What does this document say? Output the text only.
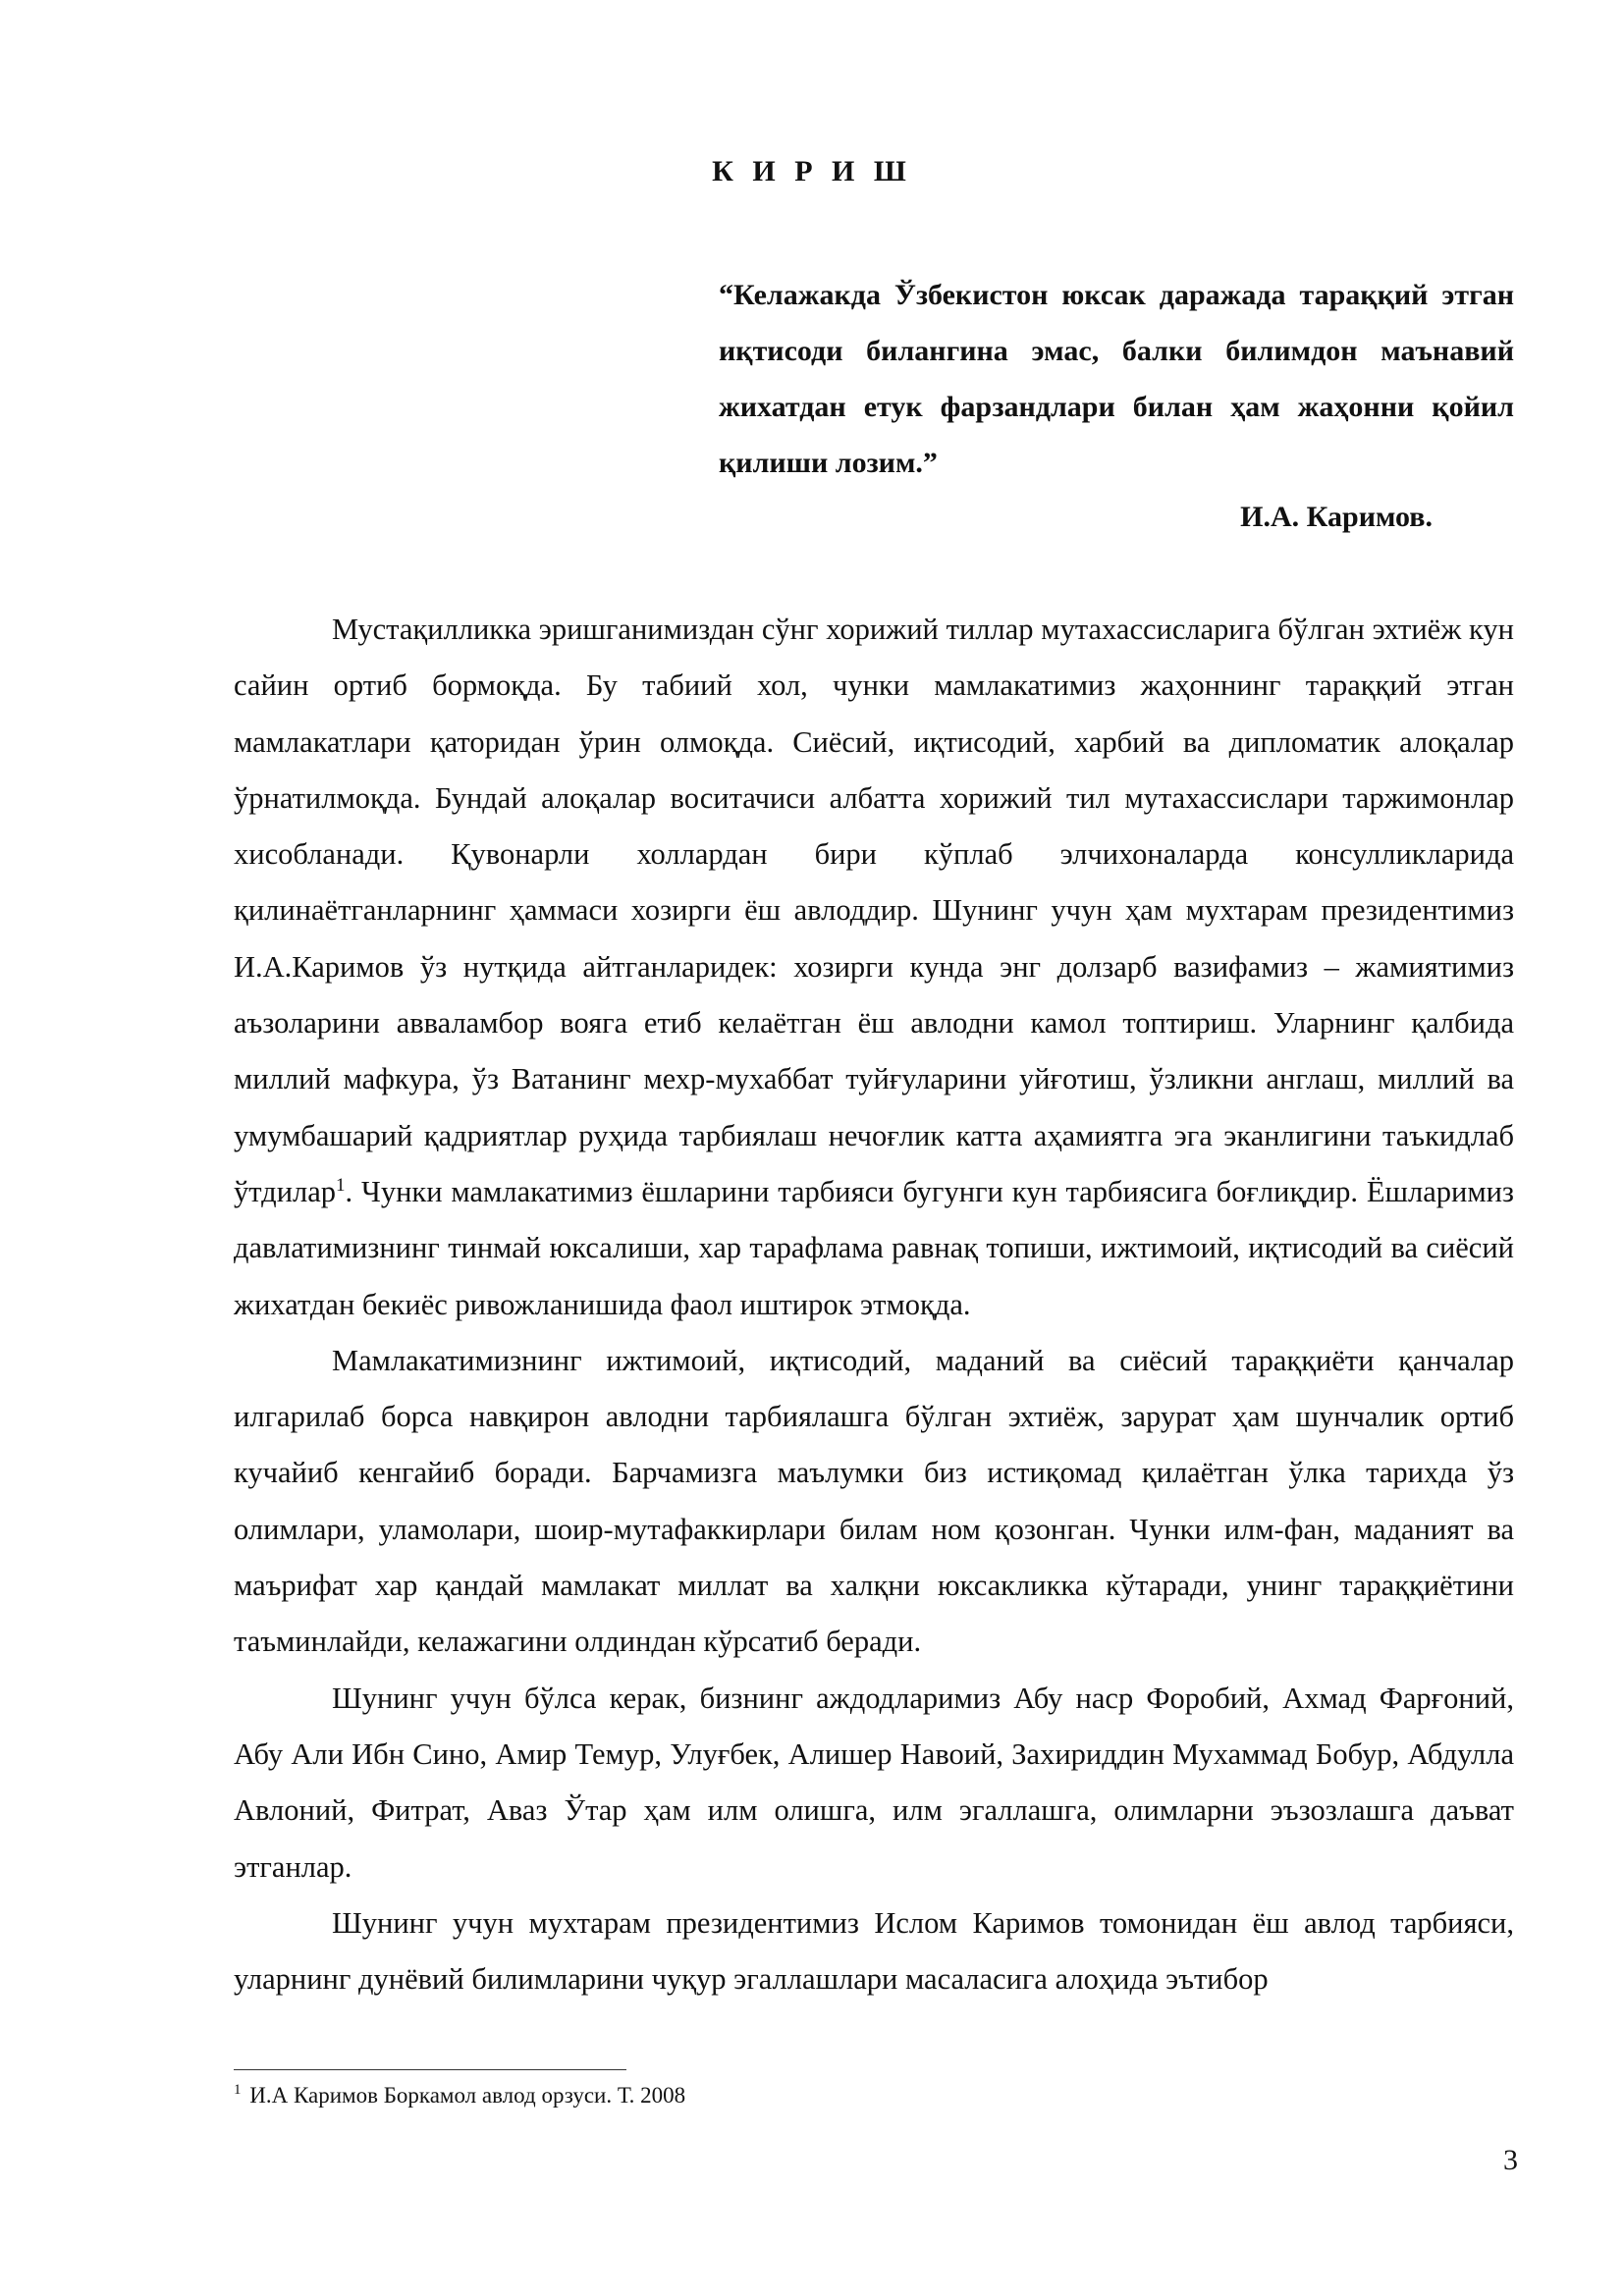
К И Р И Ш
“Келажакда Ўзбекистон юксак даражада тараққий этган иқтисоди билангина эмас, балки билимдон маънавий жихатдан етук фарзандлари билан ҳам жаҳонни қойил қилиши лозим.”
И.А. Каримов.

Мустақилликка эришганимиздан сўнг хорижий тиллар мутахассисларига бўлган эхтиёж кун сайин ортиб бормоқда. Бу табиий хол, чунки мамлакатимиз жаҳоннинг тараққий этган мамлакатлари қаторидан ўрин олмоқда. Сиёсий, иқтисодий, харбий ва дипломатик алоқалар ўрнатилмоқда. Бундай алоқалар воситачиси албатта хорижий тил мутахассислари таржимонлар хисобланади. Қувонарли холлардан бири кўплаб элчихоналарда консулликларида қилинаётганларнинг ҳаммаси хозирги ёш авлоддир. Шунинг учун ҳам мухтарам президентимиз И.А.Каримов ўз нутқида айтганларидек: хозирги кунда энг долзарб вазифамиз – жамиятимиз аъзоларини авваламбор вояга етиб келаётган ёш авлодни камол топтириш. Уларнинг қалбида миллий мафкура, ўз Ватанинг мехр-мухаббат туйғуларини уйғотиш, ўзликни англаш, миллий ва умумбашарий қадриятлар руҳида тарбиялаш нечоғлик катта аҳамиятга эга эканлигини таъкидлаб ўтдилар$^1$. Чунки мамлакатимиз ёшларини тарбияси бугунги кун тарбиясига боғлиқдир. Ёшларимиз давлатимизнинг тинмай юксалиши, хар тарафлама равнақ топиши, ижтимоий, иқтисодий ва сиёсий жихатдан бекиёс ривожланишида фаол иштирок этмоқда.

Мамлакатимизнинг ижтимоий, иқтисодий, маданий ва сиёсий тараққиёти қанчалар илгарилаб борса навқирон авлодни тарбиялашга бўлган эхтиёж, зарурат ҳам шунчалик ортиб кучайиб кенгайиб боради. Барчамизга маълумки биз истиқомад қилаётган ўлка тарихда ўз олимлари, уламолари, шоир-мутафаккирлари билам ном қозонган. Чунки илм-фан, маданият ва маърифат хар қандай мамлакат миллат ва халқни юксакликка кўтаради, унинг тараққиётини таъминлайди, келажагини олдиндан кўрсатиб беради.

Шунинг учун бўлса керак, бизнинг аждодларимиз Абу наср Форобий, Ахмад Фарғоний, Абу Али Ибн Сино, Амир Темур, Улуғбек, Алишер Навоий, Захириддин Мухаммад Бобур, Абдулла Авлоний, Фитрат, Аваз Ўтар ҳам илм олишга, илм эгаллашга, олимларни эъзозлашга даъват этганлар.

Шунинг учун мухтарам президентимиз Ислом Каримов томонидан ёш авлод тарбияси, уларнинг дунёвий билимларини чуқур эгаллашлари масаласига алоҳида эътибор

$^1$ И.А Каримов Боркамол авлод орзуси. Т. 2008
3
